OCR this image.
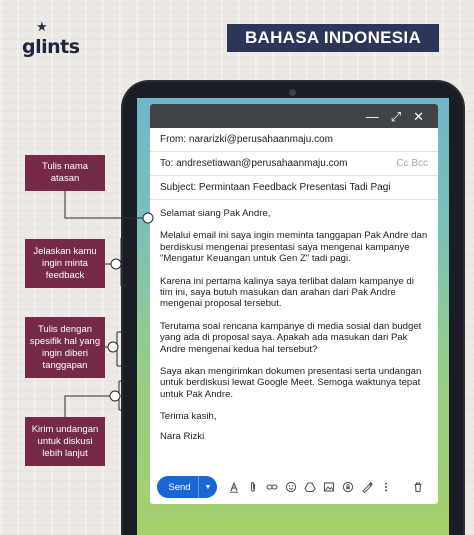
★
glints	BAHASA INDONESIA
— ⤢ ✕
From: nararizki@perusahaanmaju.com
To: andresetiawan@perusahaanmaju.com	Cc Bcc
Subject: Permintaan Feedback Presentasi Tadi Pagi

Selamat siang Pak Andre,

Melalui email ini saya ingin meminta tanggapan Pak Andre dan berdiskusi mengenai presentasi saya mengenai kampanye "Mengatur Keuangan untuk Gen Z" tadi pagi.

Karena ini pertama kalinya saya terlibat dalam kampanye di tim ini, saya butuh masukan dan arahan dari Pak Andre mengenai proposal tersebut.

Terutama soal rencana kampanye di media sosial dan budget yang ada di proposal saya. Apakah ada masukan dari Pak Andre mengenai kedua hal tersebut?

Saya akan mengirimkan dokumen presentasi serta undangan untuk berdiskusi lewat Google Meet. Semoga waktunya tepat untuk Pak Andre.

Terima kasih,

Nara Rizki

Send	▼
Tulis nama atasan
Jelaskan kamu ingin minta feedback
Tulis dengan spesifik hal yang ingin diberi tanggapan
Kirim undangan untuk diskusi lebih lanjut
